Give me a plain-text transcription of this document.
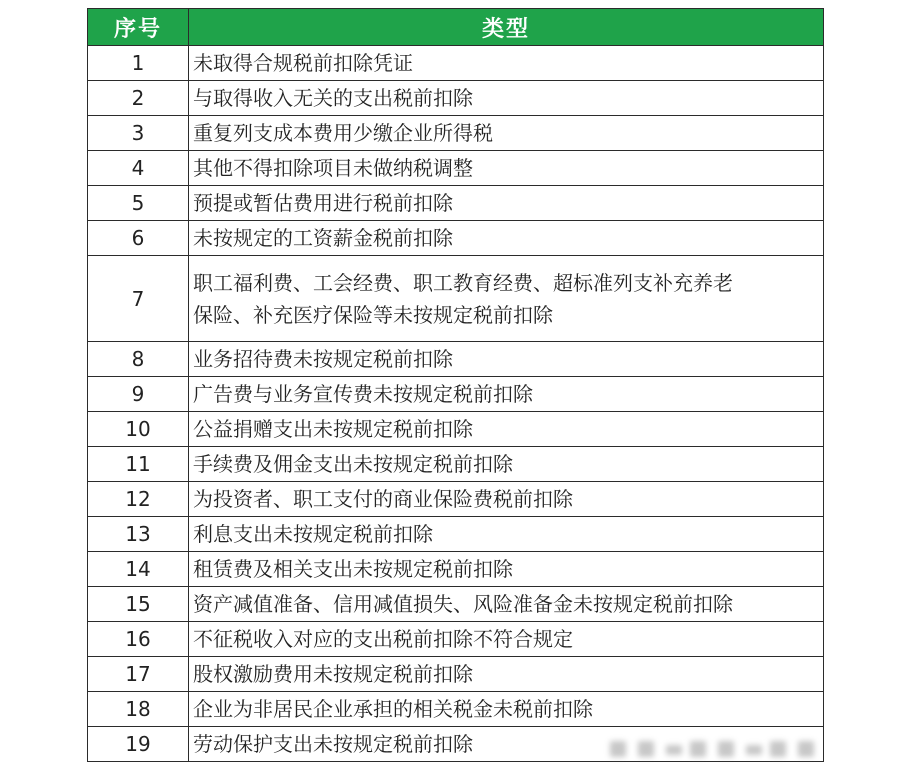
序号	类型
1	未取得合规税前扣除凭证
2	与取得收入无关的支出税前扣除
3	重复列支成本费用少缴企业所得税
4	其他不得扣除项目未做纳税调整
5	预提或暂估费用进行税前扣除
6	未按规定的工资薪金税前扣除
7	职工福利费、工会经费、职工教育经费、超标准列支补充养老
保险、补充医疗保险等未按规定税前扣除
8	业务招待费未按规定税前扣除
9	广告费与业务宣传费未按规定税前扣除
10	公益捐赠支出未按规定税前扣除
11	手续费及佣金支出未按规定税前扣除
12	为投资者、职工支付的商业保险费税前扣除
13	利息支出未按规定税前扣除
14	租赁费及相关支出未按规定税前扣除
15	资产减值准备、信用减值损失、风险准备金未按规定税前扣除
16	不征税收入对应的支出税前扣除不符合规定
17	股权激励费用未按规定税前扣除
18	企业为非居民企业承担的相关税金未税前扣除
19	劳动保护支出未按规定税前扣除
